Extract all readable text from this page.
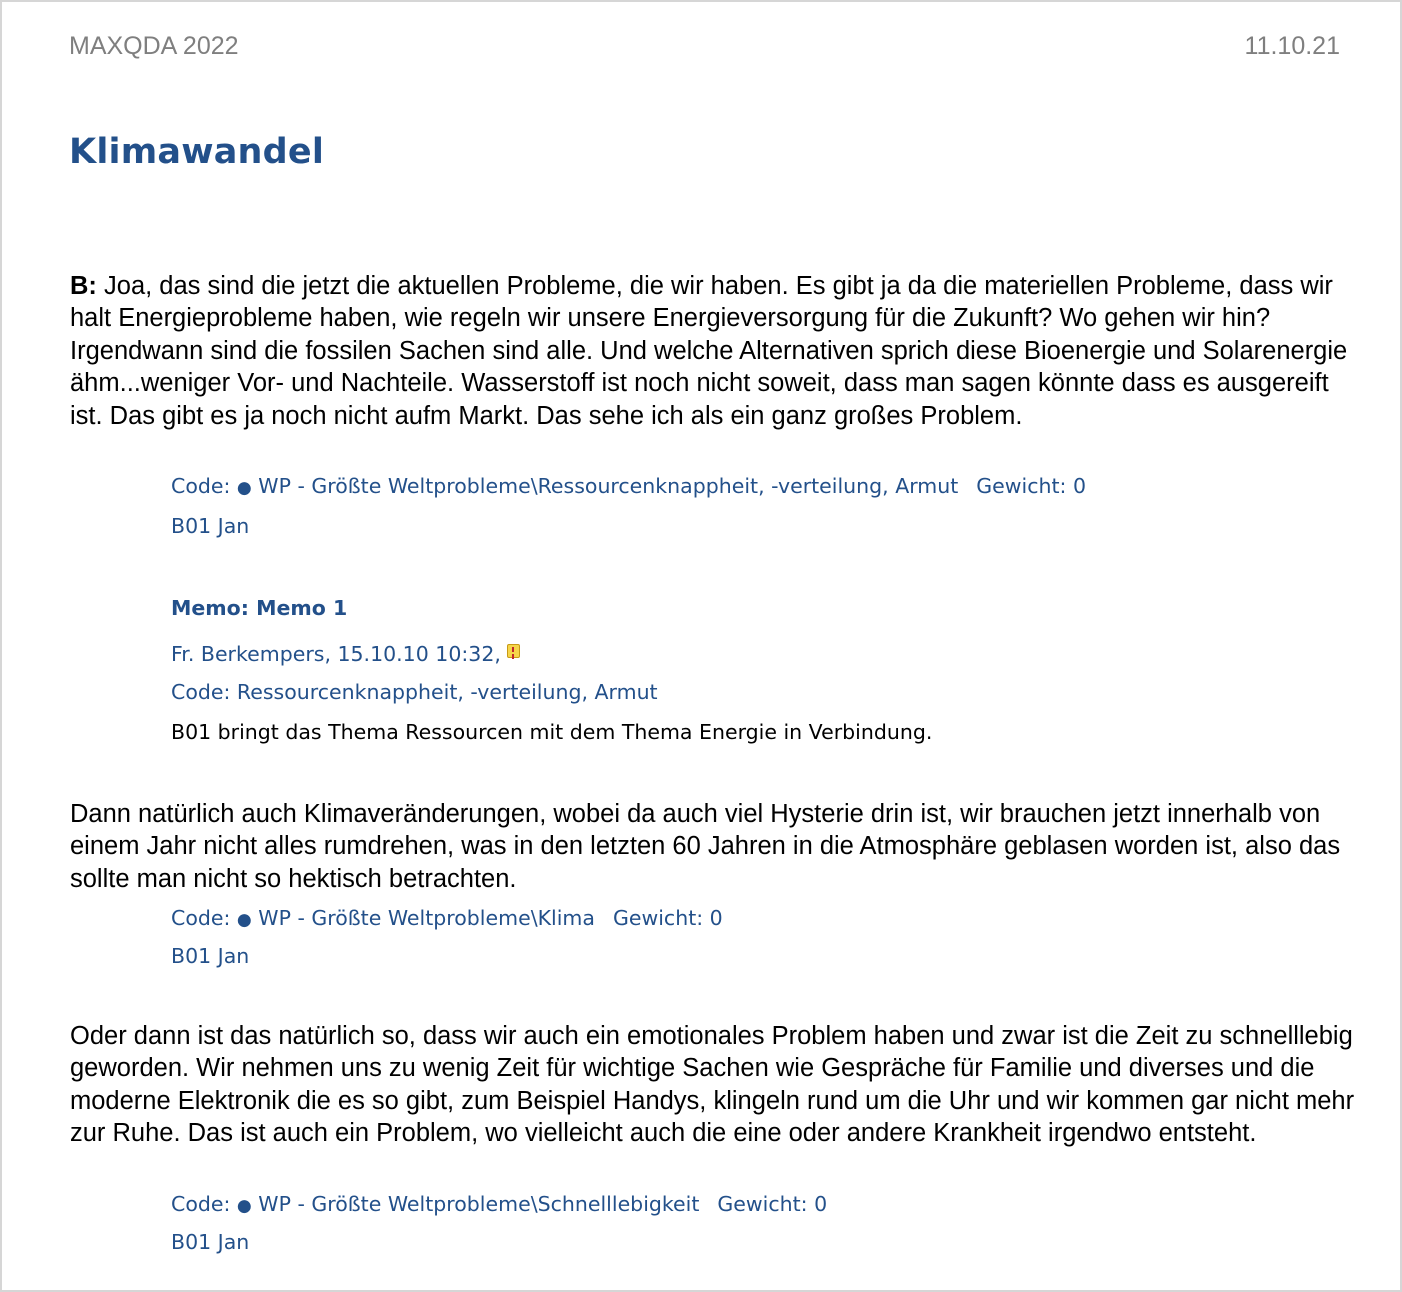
MAXQDA 2022	11.10.21
Klimawandel

B: Joa, das sind die jetzt die aktuellen Probleme, die wir haben. Es gibt ja da die materiellen Probleme, dass wir halt Energieprobleme haben, wie regeln wir unsere Energieversorgung für die Zukunft? Wo gehen wir hin? Irgendwann sind die fossilen Sachen sind alle. Und welche Alternativen sprich diese Bioenergie und Solarenergie ähm...weniger Vor- und Nachteile. Wasserstoff ist noch nicht soweit, dass man sagen könnte dass es ausgereift ist. Das gibt es ja noch nicht aufm Markt. Das sehe ich als ein ganz großes Problem.

Code: ● WP - Größte Weltprobleme\Ressourcenknappheit, -verteilung, Armut Gewicht: 0
B01 Jan
Memo: Memo 1
Fr. Berkempers, 15.10.10 10:32,
Code: Ressourcenknappheit, -verteilung, Armut
B01 bringt das Thema Ressourcen mit dem Thema Energie in Verbindung.

Dann natürlich auch Klimaveränderungen, wobei da auch viel Hysterie drin ist, wir brauchen jetzt innerhalb von einem Jahr nicht alles rumdrehen, was in den letzten 60 Jahren in die Atmosphäre geblasen worden ist, also das sollte man nicht so hektisch betrachten.

Code: ● WP - Größte Weltprobleme\Klima Gewicht: 0
B01 Jan

Oder dann ist das natürlich so, dass wir auch ein emotionales Problem haben und zwar ist die Zeit zu schnelllebig geworden. Wir nehmen uns zu wenig Zeit für wichtige Sachen wie Gespräche für Familie und diverses und die moderne Elektronik die es so gibt, zum Beispiel Handys, klingeln rund um die Uhr und wir kommen gar nicht mehr zur Ruhe. Das ist auch ein Problem, wo vielleicht auch die eine oder andere Krankheit irgendwo entsteht.

Code: ● WP - Größte Weltprobleme\Schnelllebigkeit Gewicht: 0
B01 Jan
